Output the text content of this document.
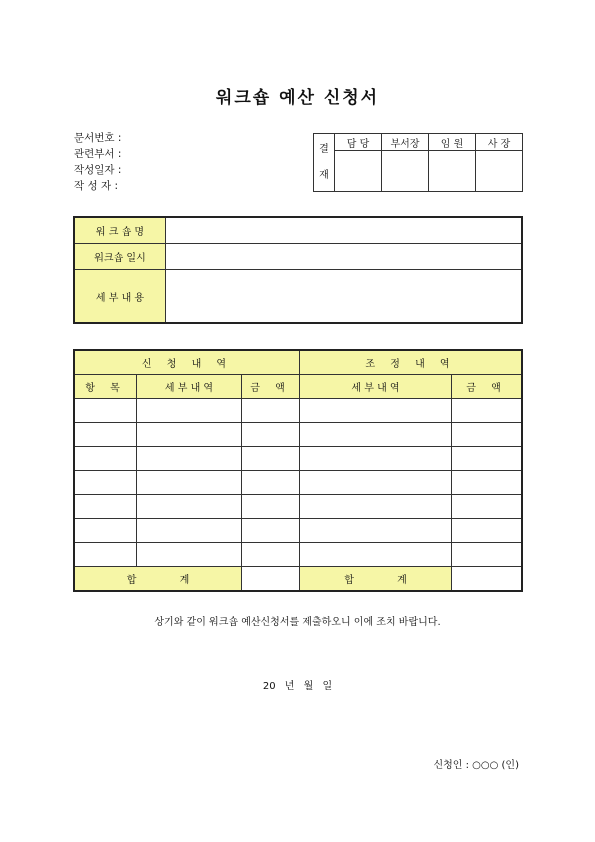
워크숍 예산 신청서
문서번호 :
관련부서 :
작성일자 :
작 성 자 :
결
재	담 당	부서장	임 원	사 장

워 크 숍 명	
워크숍 일시	
세 부 내 용	
신 청 내 역			조 정 내 역	
항 목	세 부 내 역	금 액	세 부 내 역	금 액

합 계			합 계	
상기와 같이 워크숍 예산신청서를 제출하오니 이에 조치 바랍니다.
20 년 월 일
신청인 : ○○○ (인)
